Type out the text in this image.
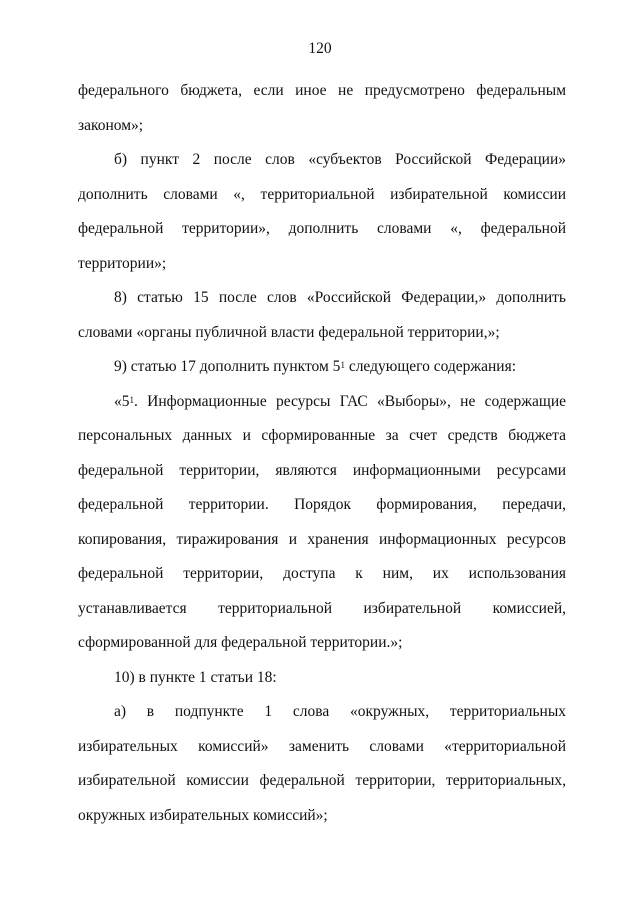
120

федерального бюджета, если иное не предусмотрено федеральным законом»;

б) пункт 2 после слов «субъектов Российской Федерации» дополнить словами «, территориальной избирательной комиссии федеральной территории», дополнить словами «, федеральной территории»;

8) статью 15 после слов «Российской Федерации,» дополнить словами «органы публичной власти федеральной территории,»;

9) статью 17 дополнить пунктом $5^1$ следующего содержания:

«$5^1$. Информационные ресурсы ГАС «Выборы», не содержащие персональных данных и сформированные за счет средств бюджета федеральной территории, являются информационными ресурсами федеральной территории. Порядок формирования, передачи, копирования, тиражирования и хранения информационных ресурсов федеральной территории, доступа к ним, их использования устанавливается территориальной избирательной комиссией, сформированной для федеральной территории.»;

10) в пункте 1 статьи 18:

а) в подпункте 1 слова «окружных, территориальных избирательных комиссий» заменить словами «территориальной избирательной комиссии федеральной территории, территориальных, окружных избирательных комиссий»;
